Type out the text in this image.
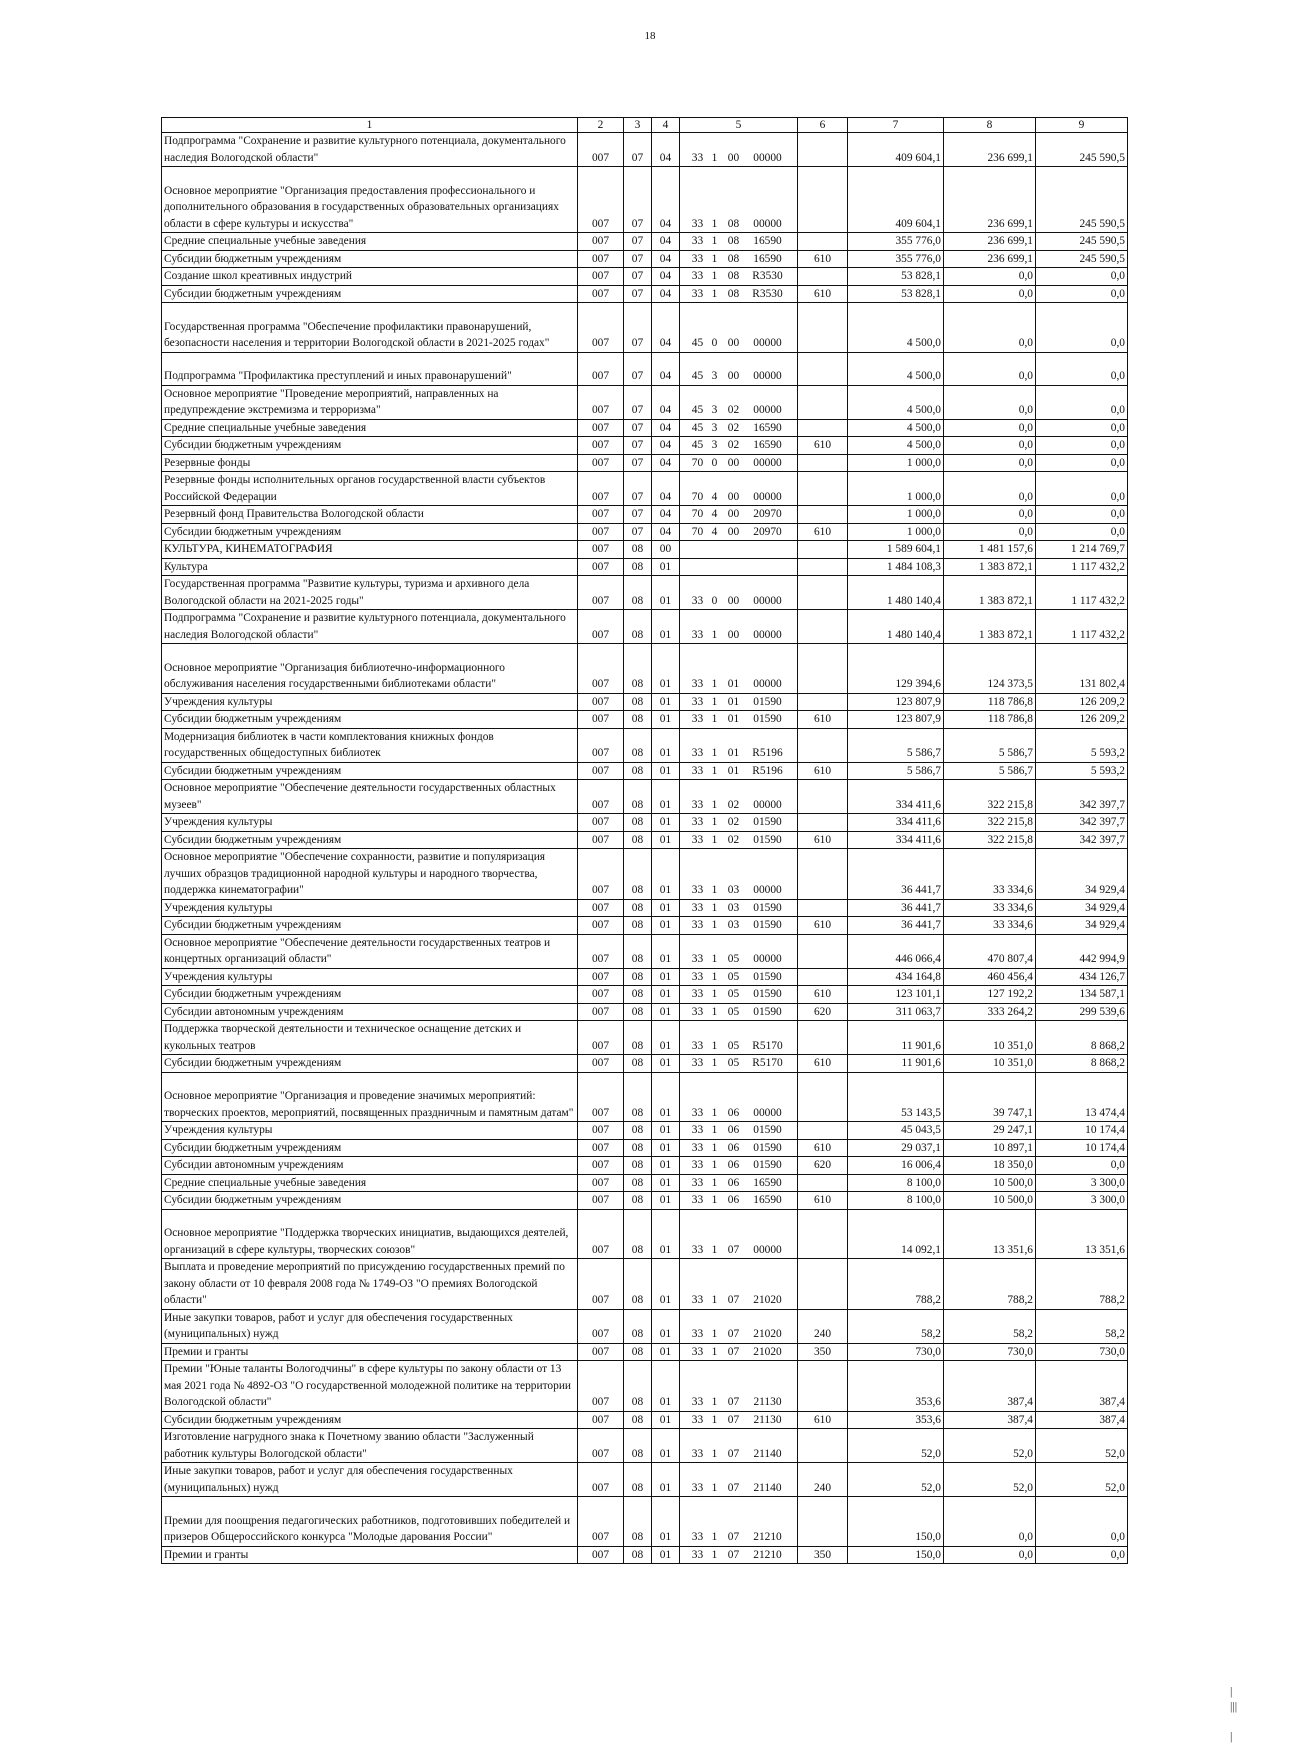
18
1	2	3	4	5	6	7	8	9
Подпрограмма "Сохранение и развитие культурного потенциала, документального наследия Вологодской области"	007	07	04	33 1 00 00000		409 604,1	236 699,1	245 590,5
Основное мероприятие "Организация предоставления профессионального и дополнительного образования в государственных образовательных организациях области в сфере культуры и искусства"	007	07	04	33 1 08 00000		409 604,1	236 699,1	245 590,5
Средние специальные учебные заведения	007	07	04	33 1 08 16590		355 776,0	236 699,1	245 590,5
Субсидии бюджетным учреждениям	007	07	04	33 1 08 16590	610	355 776,0	236 699,1	245 590,5
Создание школ креативных индустрий	007	07	04	33 1 08 R3530		53 828,1	0,0	0,0
Субсидии бюджетным учреждениям	007	07	04	33 1 08 R3530	610	53 828,1	0,0	0,0
Государственная программа "Обеспечение профилактики правонарушений, безопасности населения и территории Вологодской области в 2021-2025 годах"	007	07	04	45 0 00 00000		4 500,0	0,0	0,0
Подпрограмма "Профилактика преступлений и иных правонарушений"	007	07	04	45 3 00 00000		4 500,0	0,0	0,0
Основное мероприятие "Проведение мероприятий, направленных на предупреждение экстремизма и терроризма"	007	07	04	45 3 02 00000		4 500,0	0,0	0,0
Средние специальные учебные заведения	007	07	04	45 3 02 16590		4 500,0	0,0	0,0
Субсидии бюджетным учреждениям	007	07	04	45 3 02 16590	610	4 500,0	0,0	0,0
Резервные фонды	007	07	04	70 0 00 00000		1 000,0	0,0	0,0
Резервные фонды исполнительных органов государственной власти субъектов Российской Федерации	007	07	04	70 4 00 00000		1 000,0	0,0	0,0
Резервный фонд Правительства Вологодской области	007	07	04	70 4 00 20970		1 000,0	0,0	0,0
Субсидии бюджетным учреждениям	007	07	04	70 4 00 20970	610	1 000,0	0,0	0,0
КУЛЬТУРА, КИНЕМАТОГРАФИЯ	007	08	00			1 589 604,1	1 481 157,6	1 214 769,7
Культура	007	08	01			1 484 108,3	1 383 872,1	1 117 432,2
Государственная программа "Развитие культуры, туризма и архивного дела Вологодской области на 2021-2025 годы"	007	08	01	33 0 00 00000		1 480 140,4	1 383 872,1	1 117 432,2
Подпрограмма "Сохранение и развитие культурного потенциала, документального наследия Вологодской области"	007	08	01	33 1 00 00000		1 480 140,4	1 383 872,1	1 117 432,2
Основное мероприятие "Организация библиотечно-информационного обслуживания населения государственными библиотеками области"	007	08	01	33 1 01 00000		129 394,6	124 373,5	131 802,4
Учреждения культуры	007	08	01	33 1 01 01590		123 807,9	118 786,8	126 209,2
Субсидии бюджетным учреждениям	007	08	01	33 1 01 01590	610	123 807,9	118 786,8	126 209,2
Модернизация библиотек в части комплектования книжных фондов государственных общедоступных библиотек	007	08	01	33 1 01 R5196		5 586,7	5 586,7	5 593,2
Субсидии бюджетным учреждениям	007	08	01	33 1 01 R5196	610	5 586,7	5 586,7	5 593,2
Основное мероприятие "Обеспечение деятельности государственных областных музеев"	007	08	01	33 1 02 00000		334 411,6	322 215,8	342 397,7
Учреждения культуры	007	08	01	33 1 02 01590		334 411,6	322 215,8	342 397,7
Субсидии бюджетным учреждениям	007	08	01	33 1 02 01590	610	334 411,6	322 215,8	342 397,7
Основное мероприятие "Обеспечение сохранности, развитие и популяризация лучших образцов традиционной народной культуры и народного творчества, поддержка кинематографии"	007	08	01	33 1 03 00000		36 441,7	33 334,6	34 929,4
Учреждения культуры	007	08	01	33 1 03 01590		36 441,7	33 334,6	34 929,4
Субсидии бюджетным учреждениям	007	08	01	33 1 03 01590	610	36 441,7	33 334,6	34 929,4
Основное мероприятие "Обеспечение деятельности государственных театров и концертных организаций области"	007	08	01	33 1 05 00000		446 066,4	470 807,4	442 994,9
Учреждения культуры	007	08	01	33 1 05 01590		434 164,8	460 456,4	434 126,7
Субсидии бюджетным учреждениям	007	08	01	33 1 05 01590	610	123 101,1	127 192,2	134 587,1
Субсидии автономным учреждениям	007	08	01	33 1 05 01590	620	311 063,7	333 264,2	299 539,6
Поддержка творческой деятельности и техническое оснащение детских и кукольных театров	007	08	01	33 1 05 R5170		11 901,6	10 351,0	8 868,2
Субсидии бюджетным учреждениям	007	08	01	33 1 05 R5170	610	11 901,6	10 351,0	8 868,2
Основное мероприятие "Организация и проведение значимых мероприятий: творческих проектов, мероприятий, посвященных праздничным и памятным датам"	007	08	01	33 1 06 00000		53 143,5	39 747,1	13 474,4
Учреждения культуры	007	08	01	33 1 06 01590		45 043,5	29 247,1	10 174,4
Субсидии бюджетным учреждениям	007	08	01	33 1 06 01590	610	29 037,1	10 897,1	10 174,4
Субсидии автономным учреждениям	007	08	01	33 1 06 01590	620	16 006,4	18 350,0	0,0
Средние специальные учебные заведения	007	08	01	33 1 06 16590		8 100,0	10 500,0	3 300,0
Субсидии бюджетным учреждениям	007	08	01	33 1 06 16590	610	8 100,0	10 500,0	3 300,0
Основное мероприятие "Поддержка творческих инициатив, выдающихся деятелей, организаций в сфере культуры, творческих союзов"	007	08	01	33 1 07 00000		14 092,1	13 351,6	13 351,6
Выплата и проведение мероприятий по присуждению государственных премий по закону области от 10 февраля 2008 года № 1749-ОЗ "О премиях Вологодской области"	007	08	01	33 1 07 21020		788,2	788,2	788,2
Иные закупки товаров, работ и услуг для обеспечения государственных (муниципальных) нужд	007	08	01	33 1 07 21020	240	58,2	58,2	58,2
Премии и гранты	007	08	01	33 1 07 21020	350	730,0	730,0	730,0
Премии "Юные таланты Вологодчины" в сфере культуры по закону области от 13 мая 2021 года № 4892-ОЗ "О государственной молодежной политике на территории Вологодской области"	007	08	01	33 1 07 21130		353,6	387,4	387,4
Субсидии бюджетным учреждениям	007	08	01	33 1 07 21130	610	353,6	387,4	387,4
Изготовление нагрудного знака к Почетному званию области "Заслуженный работник культуры Вологодской области"	007	08	01	33 1 07 21140		52,0	52,0	52,0
Иные закупки товаров, работ и услуг для обеспечения государственных (муниципальных) нужд	007	08	01	33 1 07 21140	240	52,0	52,0	52,0
Премии для поощрения педагогических работников, подготовивших победителей и призеров Общероссийского конкурса "Молодые дарования России"	007	08	01	33 1 07 21210		150,0	0,0	0,0
Премии и гранты	007	08	01	33 1 07 21210	350	150,0	0,0	0,0
| |||   |
